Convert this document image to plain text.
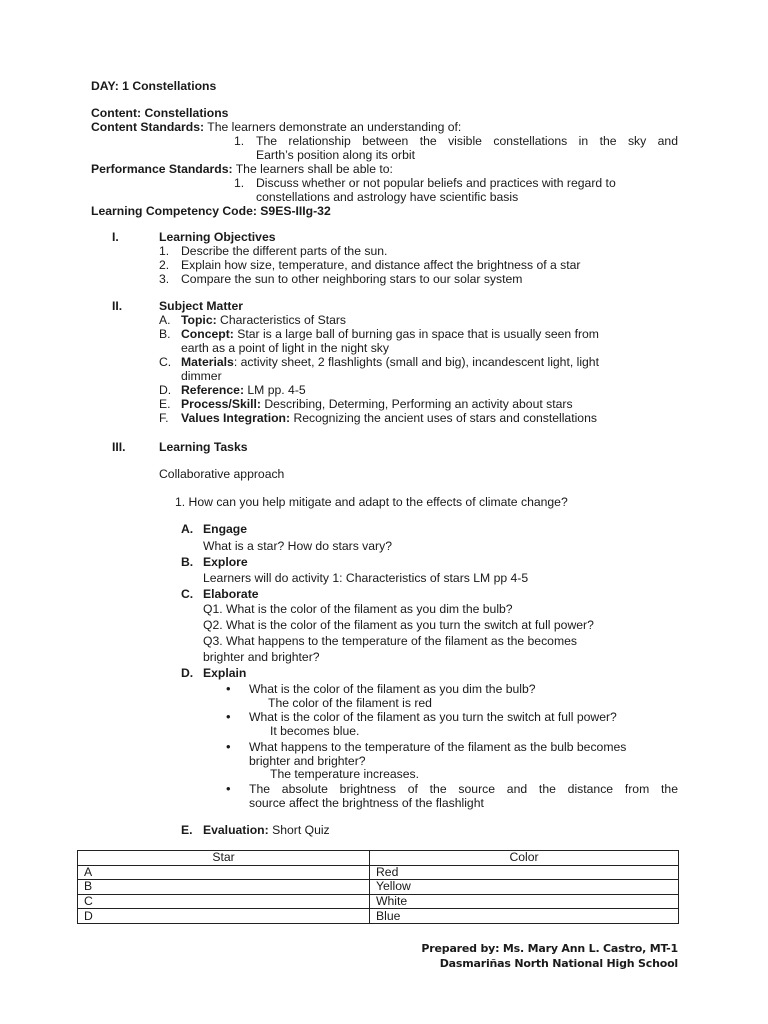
DAY: 1 Constellations
Content: Constellations
Content Standards: The learners demonstrate an understanding of:
1. The relationship between the visible constellations in the sky and
Earth’s position along its orbit
Performance Standards: The learners shall be able to:
1. Discuss whether or not popular beliefs and practices with regard to
constellations and astrology have scientific basis
Learning Competency Code: S9ES-IIIg-32
I.	Learning Objectives
1. Describe the different parts of the sun.
2. Explain how size, temperature, and distance affect the brightness of a star
3. Compare the sun to other neighboring stars to our solar system
II.	Subject Matter
A. Topic: Characteristics of Stars
B. Concept: Star is a large ball of burning gas in space that is usually seen from
earth as a point of light in the night sky
C. Materials: activity sheet, 2 flashlights (small and big), incandescent light, light
dimmer
D. Reference: LM pp. 4-5
E. Process/Skill: Describing, Determing, Performing an activity about stars
F. Values Integration: Recognizing the ancient uses of stars and constellations
III.	Learning Tasks
Collaborative approach
1. How can you help mitigate and adapt to the effects of climate change?
A. Engage
What is a star? How do stars vary?
B. Explore
Learners will do activity 1: Characteristics of stars LM pp 4-5
C. Elaborate
Q1. What is the color of the filament as you dim the bulb?
Q2. What is the color of the filament as you turn the switch at full power?
Q3. What happens to the temperature of the filament as the becomes
brighter and brighter?
D. Explain
• What is the color of the filament as you dim the bulb?
The color of the filament is red
• What is the color of the filament as you turn the switch at full power?
It becomes blue.
• What happens to the temperature of the filament as the bulb becomes
brighter and brighter?
The temperature increases.
• The absolute brightness of the source and the distance from the
source affect the brightness of the flashlight
E. Evaluation: Short Quiz
Star	Color
A	Red
B	Yellow
C	White
D	Blue
Prepared by: Ms. Mary Ann L. Castro, MT-1
Dasmariñas North National High School
